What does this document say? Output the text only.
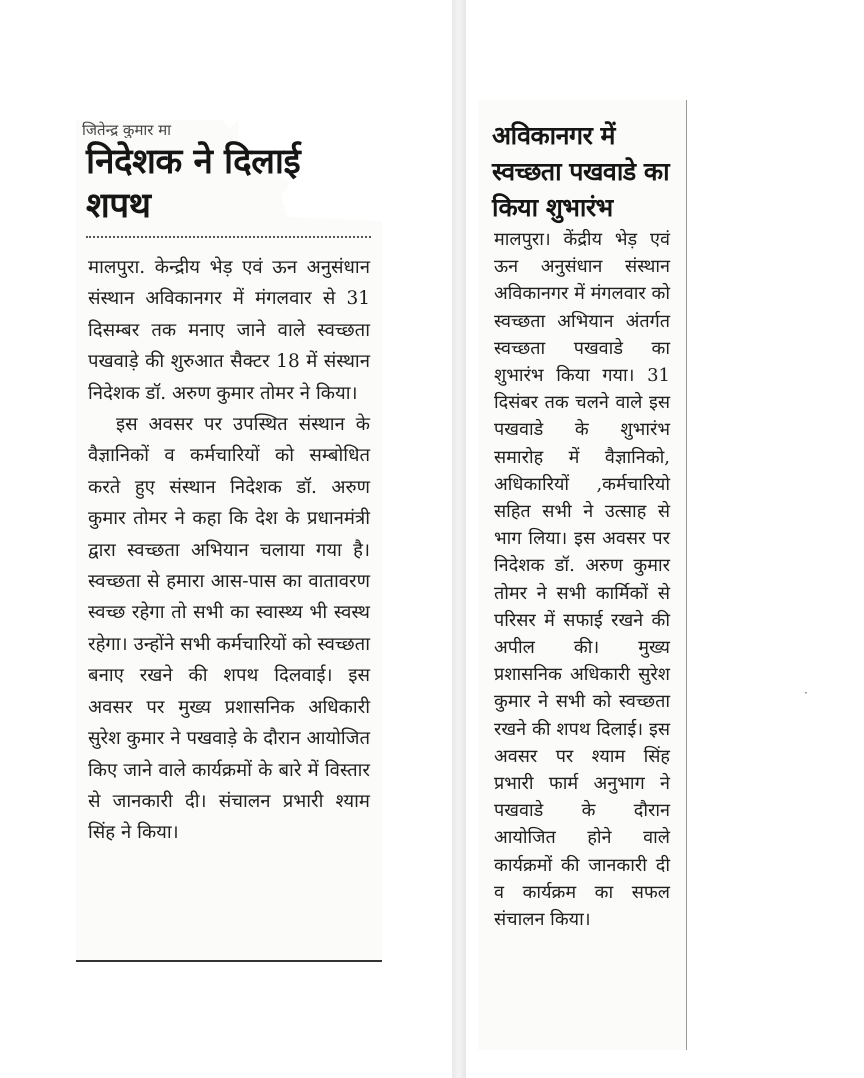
जितेन्द्र कुमार मा
निदेशक ने दिलाई शपथ

मालपुरा. केन्द्रीय भेड़ एवं ऊन अनुसंधान संस्थान अविकानगर में मंगलवार से 31 दिसम्बर तक मनाए जाने वाले स्वच्छता पखवाड़े की शुरुआत सैक्टर 18 में संस्थान निदेशक डॉ. अरुण कुमार तोमर ने किया।

इस अवसर पर उपस्थित संस्थान के वैज्ञानिकों व कर्मचारियों को सम्बोधित करते हुए संस्थान निदेशक डॉ. अरुण कुमार तोमर ने कहा कि देश के प्रधानमंत्री द्वारा स्वच्छता अभियान चलाया गया है। स्वच्छता से हमारा आस-पास का वातावरण स्वच्छ रहेगा तो सभी का स्वास्थ्य भी स्वस्थ रहेगा। उन्होंने सभी कर्मचारियों को स्वच्छता बनाए रखने की शपथ दिलवाई। इस अवसर पर मुख्य प्रशासनिक अधिकारी सुरेश कुमार ने पखवाड़े के दौरान आयोजित किए जाने वाले कार्यक्रमों के बारे में विस्तार से जानकारी दी। संचालन प्रभारी श्याम सिंह ने किया।

अविकानगर में स्वच्छता पखवाडे का किया शुभारंभ
मालपुरा। केंद्रीय भेड़ एवं ऊन अनुसंधान संस्थान अविकानगर में मंगलवार को स्वच्छता अभियान अंतर्गत स्वच्छता पखवाडे का शुभारंभ किया गया। 31 दिसंबर तक चलने वाले इस पखवाडे के शुभारंभ समारोह में वैज्ञानिको, अधिकारियों ,कर्मचारियो सहित सभी ने उत्साह से भाग लिया। इस अवसर पर निदेशक डॉ. अरुण कुमार तोमर ने सभी कार्मिकों से परिसर में सफाई रखने की अपील की। मुख्य प्रशासनिक अधिकारी सुरेश कुमार ने सभी को स्वच्छता रखने की शपथ दिलाई। इस अवसर पर श्याम सिंह प्रभारी फार्म अनुभाग ने पखवाडे के दौरान आयोजित होने वाले कार्यक्रमों की जानकारी दी व कार्यक्रम का सफल संचालन किया।
·
